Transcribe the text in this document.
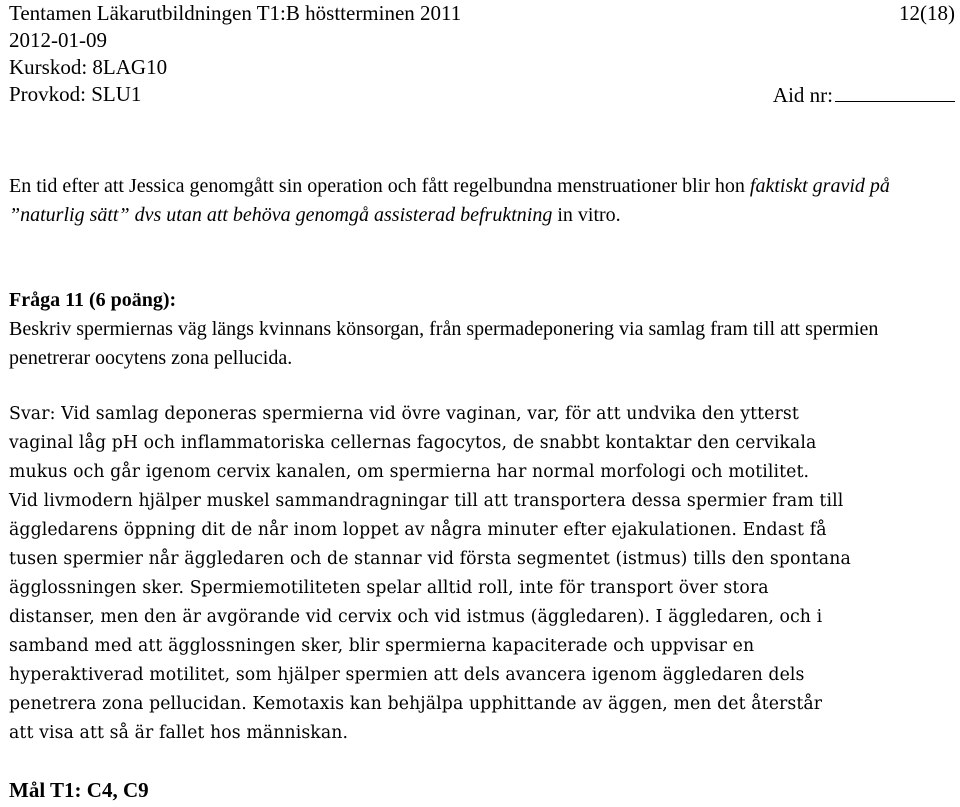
Tentamen Läkarutbildningen T1:B höstterminen 2011	12(18)
2012-01-09
Kurskod: 8LAG10
Provkod: SLU1	Aid nr:
En tid efter att Jessica genomgått sin operation och fått regelbundna menstruationer blir hon faktiskt gravid på ”naturlig sätt” dvs utan att behöva genomgå assisterad befruktning in vitro.
Fråga 11 (6 poäng):
Beskriv spermiernas väg längs kvinnans könsorgan, från spermadeponering via samlag fram till att spermien penetrerar oocytens zona pellucida.
Svar: Vid samlag deponeras spermierna vid övre vaginan, var, för att undvika den ytterst
vaginal låg pH och inflammatoriska cellernas fagocytos, de snabbt kontaktar den cervikala
mukus och går igenom cervix kanalen, om spermierna har normal morfologi och motilitet.
Vid livmodern hjälper muskel sammandragningar till att transportera dessa spermier fram till
äggledarens öppning dit de når inom loppet av några minuter efter ejakulationen. Endast få
tusen spermier når äggledaren och de stannar vid första segmentet (istmus) tills den spontana
ägglossningen sker. Spermiemotiliteten spelar alltid roll, inte för transport över stora
distanser, men den är avgörande vid cervix och vid istmus (äggledaren). I äggledaren, och i
samband med att ägglossningen sker, blir spermierna kapaciterade och uppvisar en
hyperaktiverad motilitet, som hjälper spermien att dels avancera igenom äggledaren dels
penetrera zona pellucidan. Kemotaxis kan behjälpa upphittande av äggen, men det återstår
att visa att så är fallet hos människan.
Mål T1: C4, C9
